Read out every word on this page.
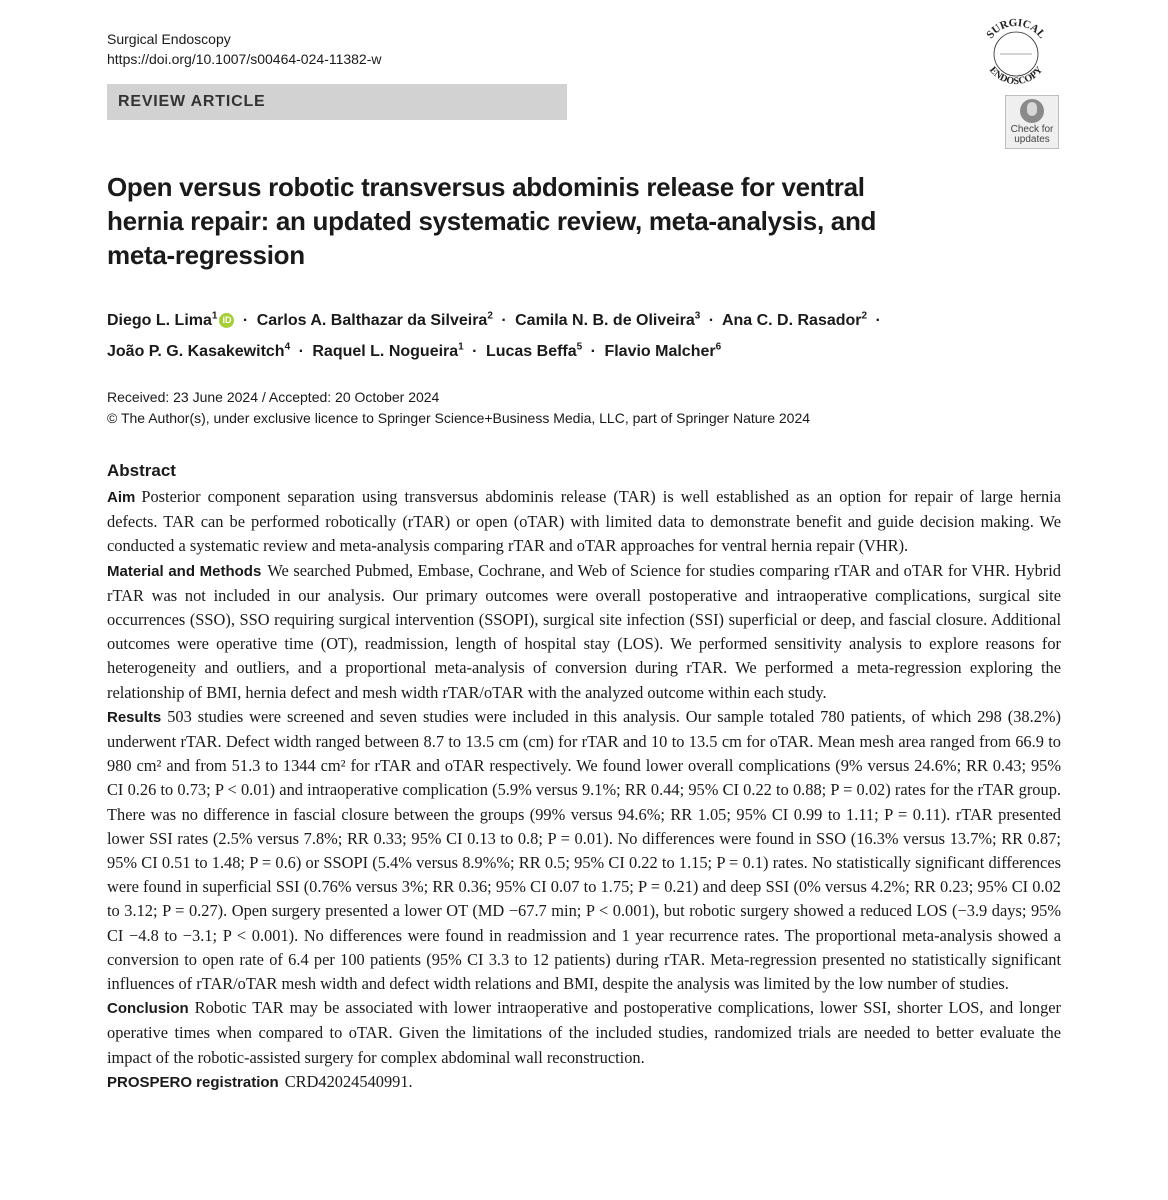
Surgical Endoscopy
https://doi.org/10.1007/s00464-024-11382-w
SURGICAL
ENDOSCOPY
REVIEW ARTICLE
Check for
updates
Open versus robotic transversus abdominis release for ventral hernia repair: an updated systematic review, meta-analysis, and meta-regression
Diego L. Lima$^1$ iD · Carlos A. Balthazar da Silveira$^2$ · Camila N. B. de Oliveira$^3$ · Ana C. D. Rasador$^2$ ·
João P. G. Kasakewitch$^4$ · Raquel L. Nogueira$^1$ · Lucas Beffa$^5$ · Flavio Malcher$^6$
Received: 23 June 2024 / Accepted: 20 October 2024
© The Author(s), under exclusive licence to Springer Science+Business Media, LLC, part of Springer Nature 2024
Abstract

Aim Posterior component separation using transversus abdominis release (TAR) is well established as an option for repair of large hernia defects. TAR can be performed robotically (rTAR) or open (oTAR) with limited data to demonstrate benefit and guide decision making. We conducted a systematic review and meta-analysis comparing rTAR and oTAR approaches for ventral hernia repair (VHR).

Material and Methods We searched Pubmed, Embase, Cochrane, and Web of Science for studies comparing rTAR and oTAR for VHR. Hybrid rTAR was not included in our analysis. Our primary outcomes were overall postoperative and intraoperative complications, surgical site occurrences (SSO), SSO requiring surgical intervention (SSOPI), surgical site infection (SSI) superficial or deep, and fascial closure. Additional outcomes were operative time (OT), readmission, length of hospital stay (LOS). We performed sensitivity analysis to explore reasons for heterogeneity and outliers, and a proportional meta-analysis of conversion during rTAR. We performed a meta-regression exploring the relationship of BMI, hernia defect and mesh width rTAR/oTAR with the analyzed outcome within each study.

Results 503 studies were screened and seven studies were included in this analysis. Our sample totaled 780 patients, of which 298 (38.2%) underwent rTAR. Defect width ranged between 8.7 to 13.5 cm (cm) for rTAR and 10 to 13.5 cm for oTAR. Mean mesh area ranged from 66.9 to 980 cm² and from 51.3 to 1344 cm² for rTAR and oTAR respectively. We found lower overall complications (9% versus 24.6%; RR 0.43; 95% CI 0.26 to 0.73; P < 0.01) and intraoperative complication (5.9% versus 9.1%; RR 0.44; 95% CI 0.22 to 0.88; P = 0.02) rates for the rTAR group. There was no difference in fascial closure between the groups (99% versus 94.6%; RR 1.05; 95% CI 0.99 to 1.11; P = 0.11). rTAR presented lower SSI rates (2.5% versus 7.8%; RR 0.33; 95% CI 0.13 to 0.8; P = 0.01). No differences were found in SSO (16.3% versus 13.7%; RR 0.87; 95% CI 0.51 to 1.48; P = 0.6) or SSOPI (5.4% versus 8.9%%; RR 0.5; 95% CI 0.22 to 1.15; P = 0.1) rates. No statistically significant differences were found in superficial SSI (0.76% versus 3%; RR 0.36; 95% CI 0.07 to 1.75; P = 0.21) and deep SSI (0% versus 4.2%; RR 0.23; 95% CI 0.02 to 3.12; P = 0.27). Open surgery presented a lower OT (MD −67.7 min; P < 0.001), but robotic surgery showed a reduced LOS (−3.9 days; 95% CI −4.8 to −3.1; P < 0.001). No differences were found in readmission and 1 year recurrence rates. The proportional meta-analysis showed a conversion to open rate of 6.4 per 100 patients (95% CI 3.3 to 12 patients) during rTAR. Meta-regression presented no statistically significant influences of rTAR/oTAR mesh width and defect width relations and BMI, despite the analysis was limited by the low number of studies.

Conclusion Robotic TAR may be associated with lower intraoperative and postoperative complications, lower SSI, shorter LOS, and longer operative times when compared to oTAR. Given the limitations of the included studies, randomized trials are needed to better evaluate the impact of the robotic-assisted surgery for complex abdominal wall reconstruction.

PROSPERO registration CRD42024540991.
